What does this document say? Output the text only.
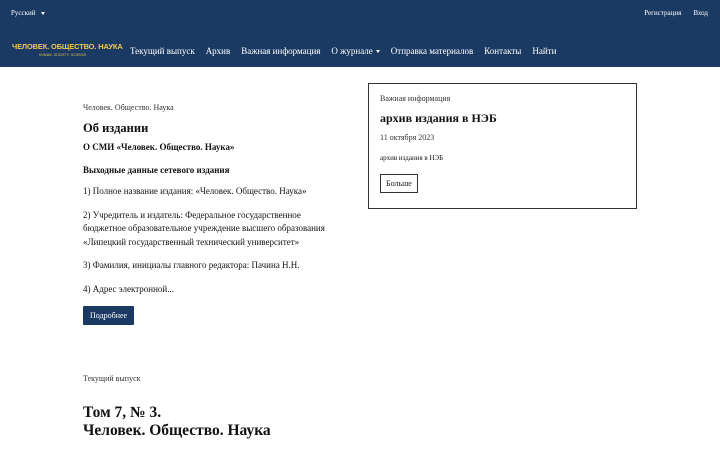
Русский	Регистрация Вход
ЧЕЛОВЕК. ОБЩЕСТВО. НАУКА
HUMAN. SOCIETY. SCIENCE	Текущий выпуск Архив Важная информация О журнале Отправка материалов Контакты Найти
Человек. Общество. Наука
Об издании
О СМИ «Человек. Общество. Наука»
Выходные данные сетевого издания
1) Полное название издания: «Человек. Общество. Наука»
2) Учредитель и издатель: Федеральное государственное бюджетное образовательное учреждение высшего образования «Липецкий государственный технический университет»
3) Фамилия, инициалы главного редактора: Пачина Н.Н.
4) Адрес электронной...
Подробнее
Важная информация
архив издания в НЭБ
11 октября 2023
архив издания в НЭБ
Больше
Текущий выпуск
Том 7, № 3.
Человек. Общество. Наука
